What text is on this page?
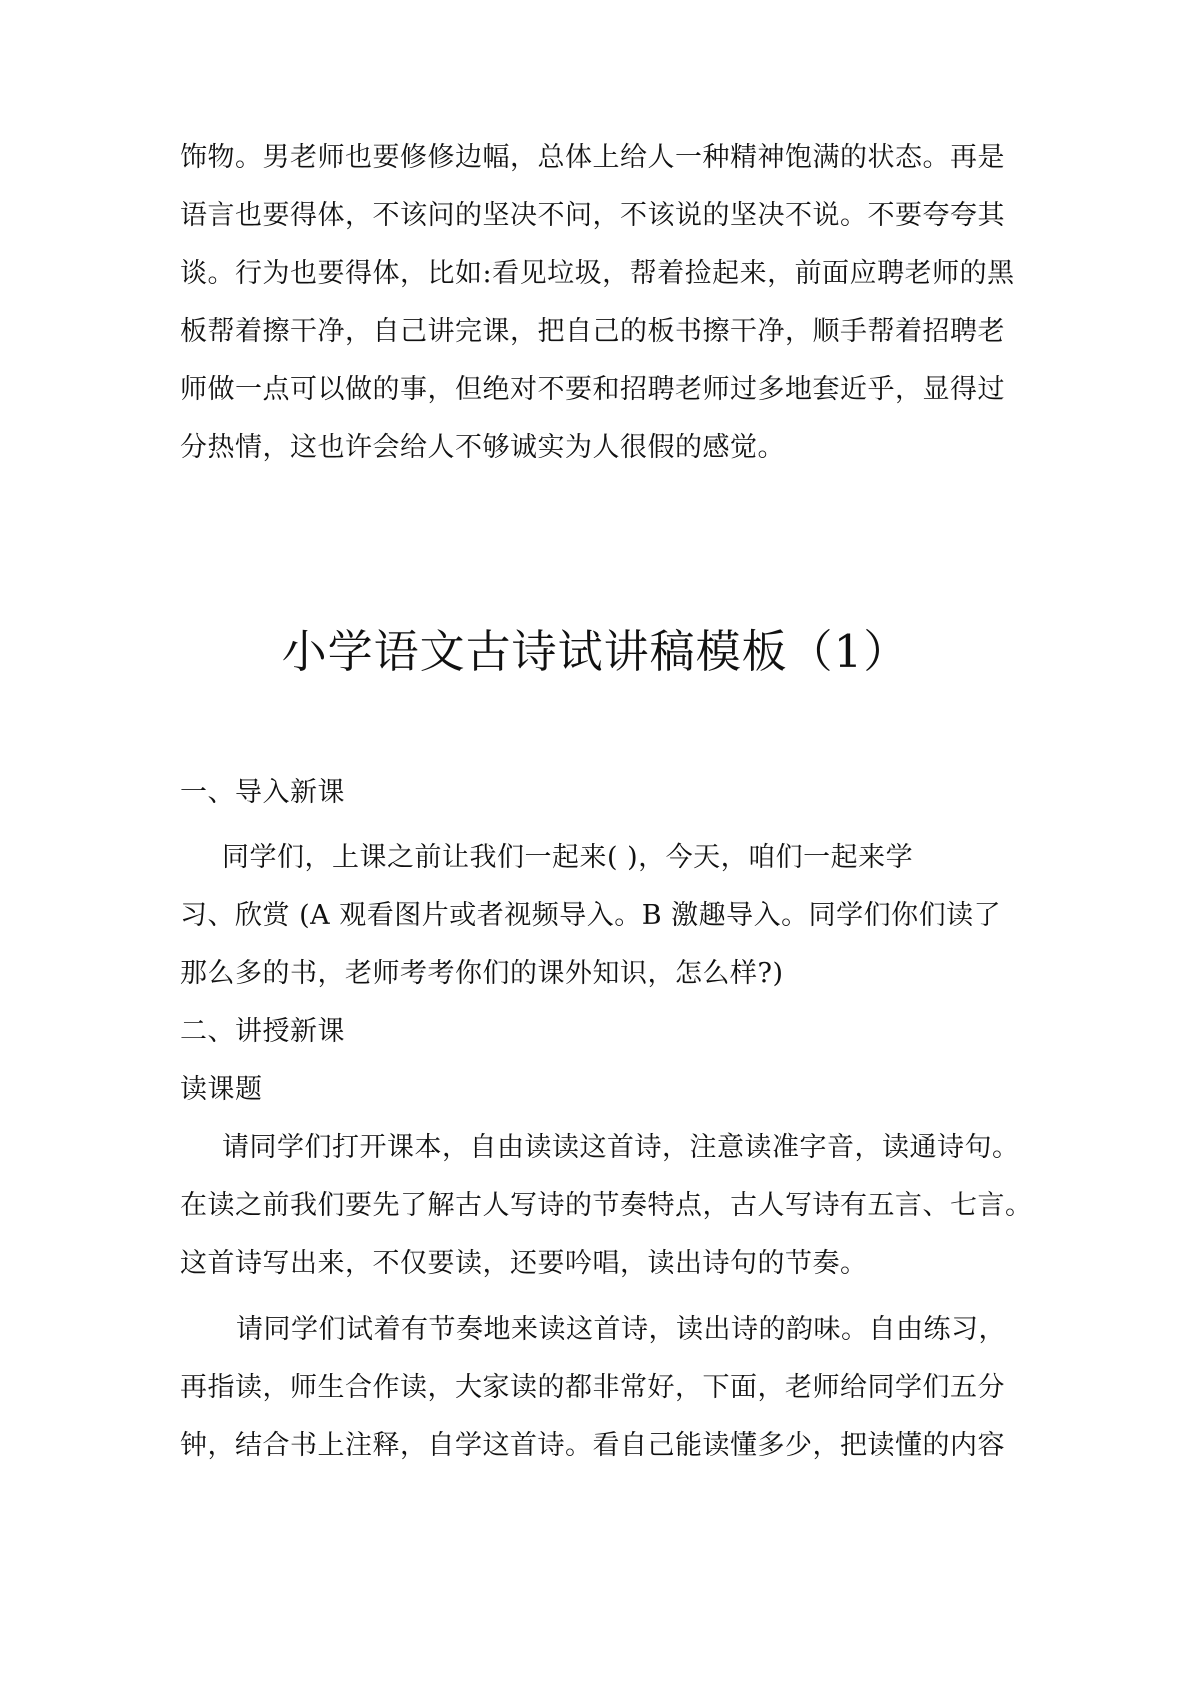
饰物。男老师也要修修边幅，总体上给人一种精神饱满的状态。再是

语言也要得体，不该问的坚决不问，不该说的坚决不说。不要夸夸其

谈。行为也要得体，比如:看见垃圾，帮着捡起来，前面应聘老师的黑

板帮着擦干净，自己讲完课，把自己的板书擦干净，顺手帮着招聘老

师做一点可以做的事，但绝对不要和招聘老师过多地套近乎，显得过

分热情，这也许会给人不够诚实为人很假的感觉。

小学语文古诗试讲稿模板（1）

一、导入新课

同学们，上课之前让我们一起来( )，今天，咱们一起来学

习、欣赏 (A 观看图片或者视频导入。B 激趣导入。同学们你们读了

那么多的书，老师考考你们的课外知识，怎么样?)

二、讲授新课

读课题

请同学们打开课本，自由读读这首诗，注意读准字音，读通诗句。

在读之前我们要先了解古人写诗的节奏特点，古人写诗有五言、七言。

这首诗写出来，不仅要读，还要吟唱，读出诗句的节奏。

请同学们试着有节奏地来读这首诗，读出诗的韵味。自由练习，

再指读，师生合作读，大家读的都非常好，下面，老师给同学们五分

钟，结合书上注释，自学这首诗。看自己能读懂多少，把读懂的内容
